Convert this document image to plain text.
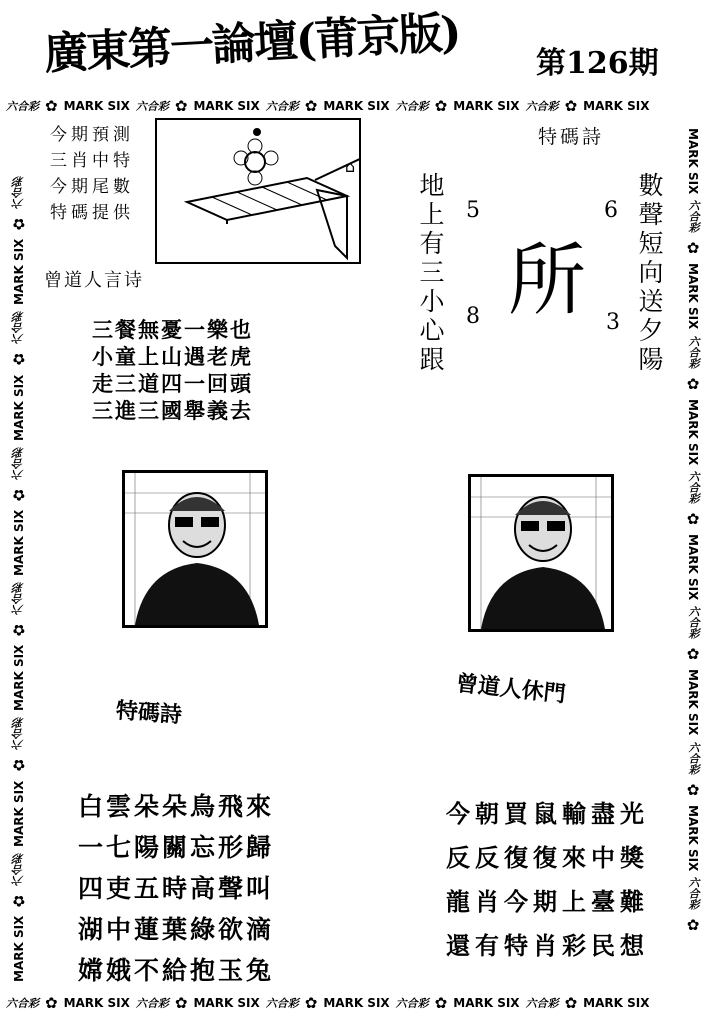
廣東第一論壇(莆京版)	第126期
六合彩 ✿ MARK SIX 六合彩 ✿ MARK SIX 六合彩 ✿ MARK SIX 六合彩 ✿ MARK SIX 六合彩 ✿ MARK SIX
六合彩 ✿ MARK SIX 六合彩 ✿ MARK SIX 六合彩 ✿ MARK SIX 六合彩 ✿ MARK SIX 六合彩 ✿ MARK SIX
MARK SIX
✿
六合彩
MARK SIX
✿
六合彩
MARK SIX
✿
六合彩
MARK SIX
✿
六合彩
MARK SIX
✿
六合彩
MARK SIX
✿
六合彩	MARK SIX
六合彩
✿
MARK SIX
六合彩
✿
MARK SIX
六合彩
✿
MARK SIX
六合彩
✿
MARK SIX
六合彩
✿
MARK SIX
六合彩
✿
今期預測
三肖中特
今期尾數
特碼提供
⌂
特碼詩
數聲短向送夕陽
地上有三小心跟 所
5	6
8	3
曾道人言诗
三餐無憂一樂也
小童上山遇老虎
走三道四一回頭
三進三國舉義去
特碼詩
曾道人休門
白雲朵朵鳥飛來
一七陽關忘形歸
四吏五時高聲叫
湖中蓮葉綠欲滴
嫦娥不給抱玉兔
今朝買鼠輸盡光
反反復復來中獎
龍肖今期上臺難
還有特肖彩民想
